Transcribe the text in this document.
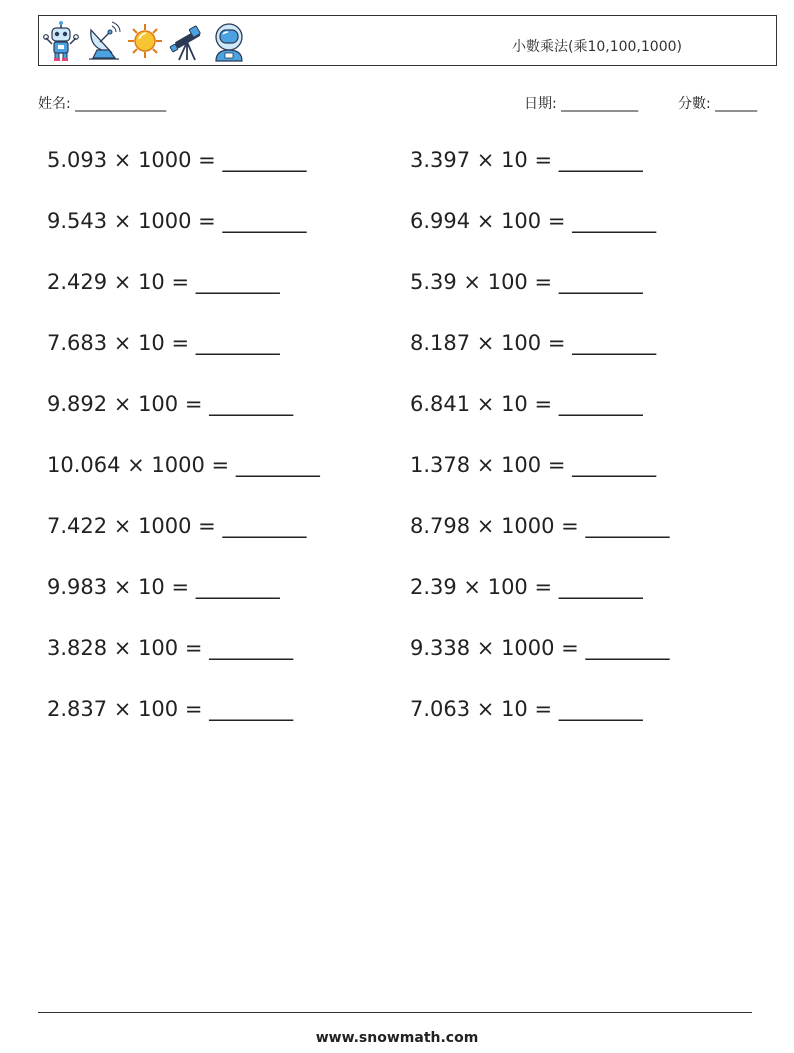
小數乘法(乘10,100,1000)
姓名: _____________	日期: ___________	分數: ______
5.093 × 1000 = ________	3.397 × 10 = ________
9.543 × 1000 = ________	6.994 × 100 = ________
2.429 × 10 = ________	5.39 × 100 = ________
7.683 × 10 = ________	8.187 × 100 = ________
9.892 × 100 = ________	6.841 × 10 = ________
10.064 × 1000 = ________	1.378 × 100 = ________
7.422 × 1000 = ________	8.798 × 1000 = ________
9.983 × 10 = ________	2.39 × 100 = ________
3.828 × 100 = ________	9.338 × 1000 = ________
2.837 × 100 = ________	7.063 × 10 = ________
www.snowmath.com
